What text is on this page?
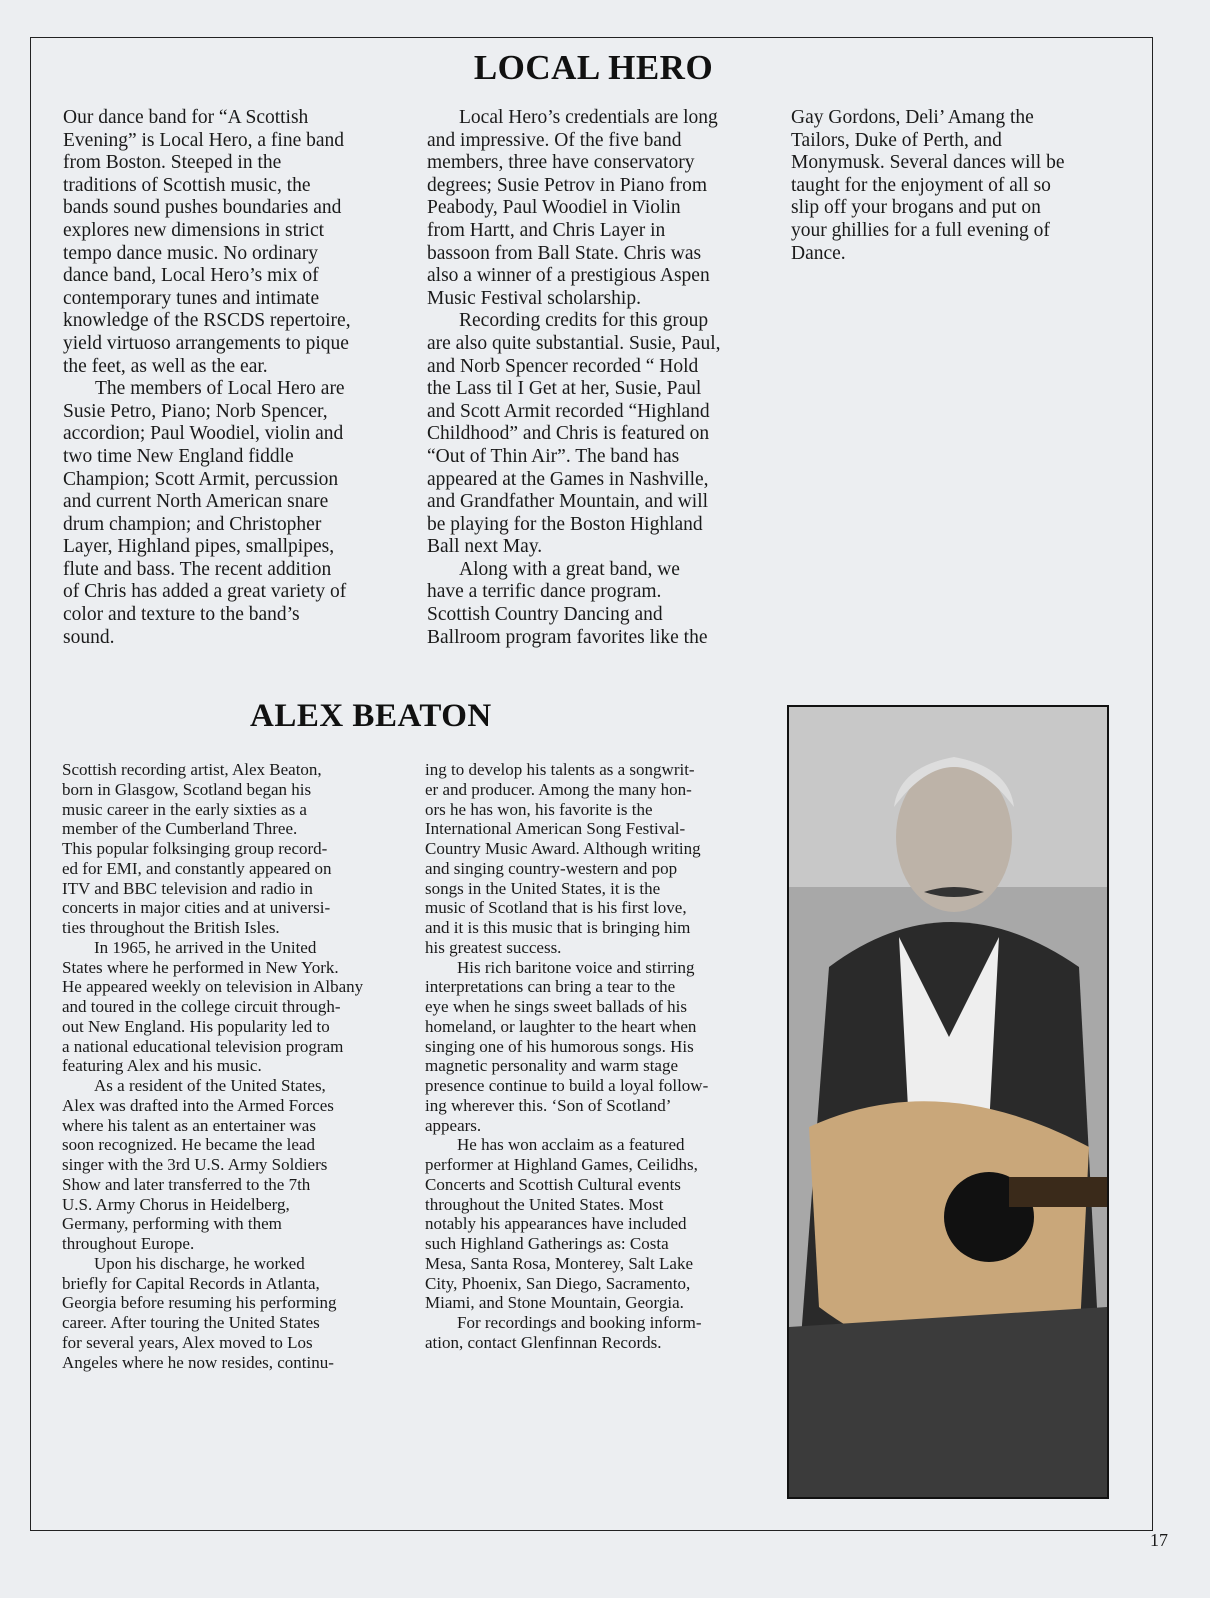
LOCAL HERO
Our dance band for “A Scottish
Evening” is Local Hero, a fine band
from Boston. Steeped in the
traditions of Scottish music, the
bands sound pushes boundaries and
explores new dimensions in strict
tempo dance music. No ordinary
dance band, Local Hero’s mix of
contemporary tunes and intimate
knowledge of the RSCDS repertoire,
yield virtuoso arrangements to pique
the feet, as well as the ear.
The members of Local Hero are
Susie Petro, Piano; Norb Spencer,
accordion; Paul Woodiel, violin and
two time New England fiddle
Champion; Scott Armit, percussion
and current North American snare
drum champion; and Christopher
Layer, Highland pipes, smallpipes,
flute and bass. The recent addition
of Chris has added a great variety of
color and texture to the band’s
sound.
Local Hero’s credentials are long
and impressive. Of the five band
members, three have conservatory
degrees; Susie Petrov in Piano from
Peabody, Paul Woodiel in Violin
from Hartt, and Chris Layer in
bassoon from Ball State. Chris was
also a winner of a prestigious Aspen
Music Festival scholarship.
Recording credits for this group
are also quite substantial. Susie, Paul,
and Norb Spencer recorded “ Hold
the Lass til I Get at her, Susie, Paul
and Scott Armit recorded “Highland
Childhood” and Chris is featured on
“Out of Thin Air”. The band has
appeared at the Games in Nashville,
and Grandfather Mountain, and will
be playing for the Boston Highland
Ball next May.
Along with a great band, we
have a terrific dance program.
Scottish Country Dancing and
Ballroom program favorites like the
Gay Gordons, Deli’ Amang the
Tailors, Duke of Perth, and
Monymusk. Several dances will be
taught for the enjoyment of all so
slip off your brogans and put on
your ghillies for a full evening of
Dance.
ALEX BEATON
Scottish recording artist, Alex Beaton,
born in Glasgow, Scotland began his
music career in the early sixties as a
member of the Cumberland Three.
This popular folksinging group record-
ed for EMI, and constantly appeared on
ITV and BBC television and radio in
concerts in major cities and at universi-
ties throughout the British Isles.
In 1965, he arrived in the United
States where he performed in New York.
He appeared weekly on television in Albany
and toured in the college circuit through-
out New England. His popularity led to
a national educational television program
featuring Alex and his music.
As a resident of the United States,
Alex was drafted into the Armed Forces
where his talent as an entertainer was
soon recognized. He became the lead
singer with the 3rd U.S. Army Soldiers
Show and later transferred to the 7th
U.S. Army Chorus in Heidelberg,
Germany, performing with them
throughout Europe.
Upon his discharge, he worked
briefly for Capital Records in Atlanta,
Georgia before resuming his performing
career. After touring the United States
for several years, Alex moved to Los
Angeles where he now resides, continu-
ing to develop his talents as a songwrit-
er and producer. Among the many hon-
ors he has won, his favorite is the
International American Song Festival-
Country Music Award. Although writing
and singing country-western and pop
songs in the United States, it is the
music of Scotland that is his first love,
and it is this music that is bringing him
his greatest success.
His rich baritone voice and stirring
interpretations can bring a tear to the
eye when he sings sweet ballads of his
homeland, or laughter to the heart when
singing one of his humorous songs. His
magnetic personality and warm stage
presence continue to build a loyal follow-
ing wherever this. ‘Son of Scotland’
appears.
He has won acclaim as a featured
performer at Highland Games, Ceilidhs,
Concerts and Scottish Cultural events
throughout the United States. Most
notably his appearances have included
such Highland Gatherings as: Costa
Mesa, Santa Rosa, Monterey, Salt Lake
City, Phoenix, San Diego, Sacramento,
Miami, and Stone Mountain, Georgia.
For recordings and booking inform-
ation, contact Glenfinnan Records.
17
